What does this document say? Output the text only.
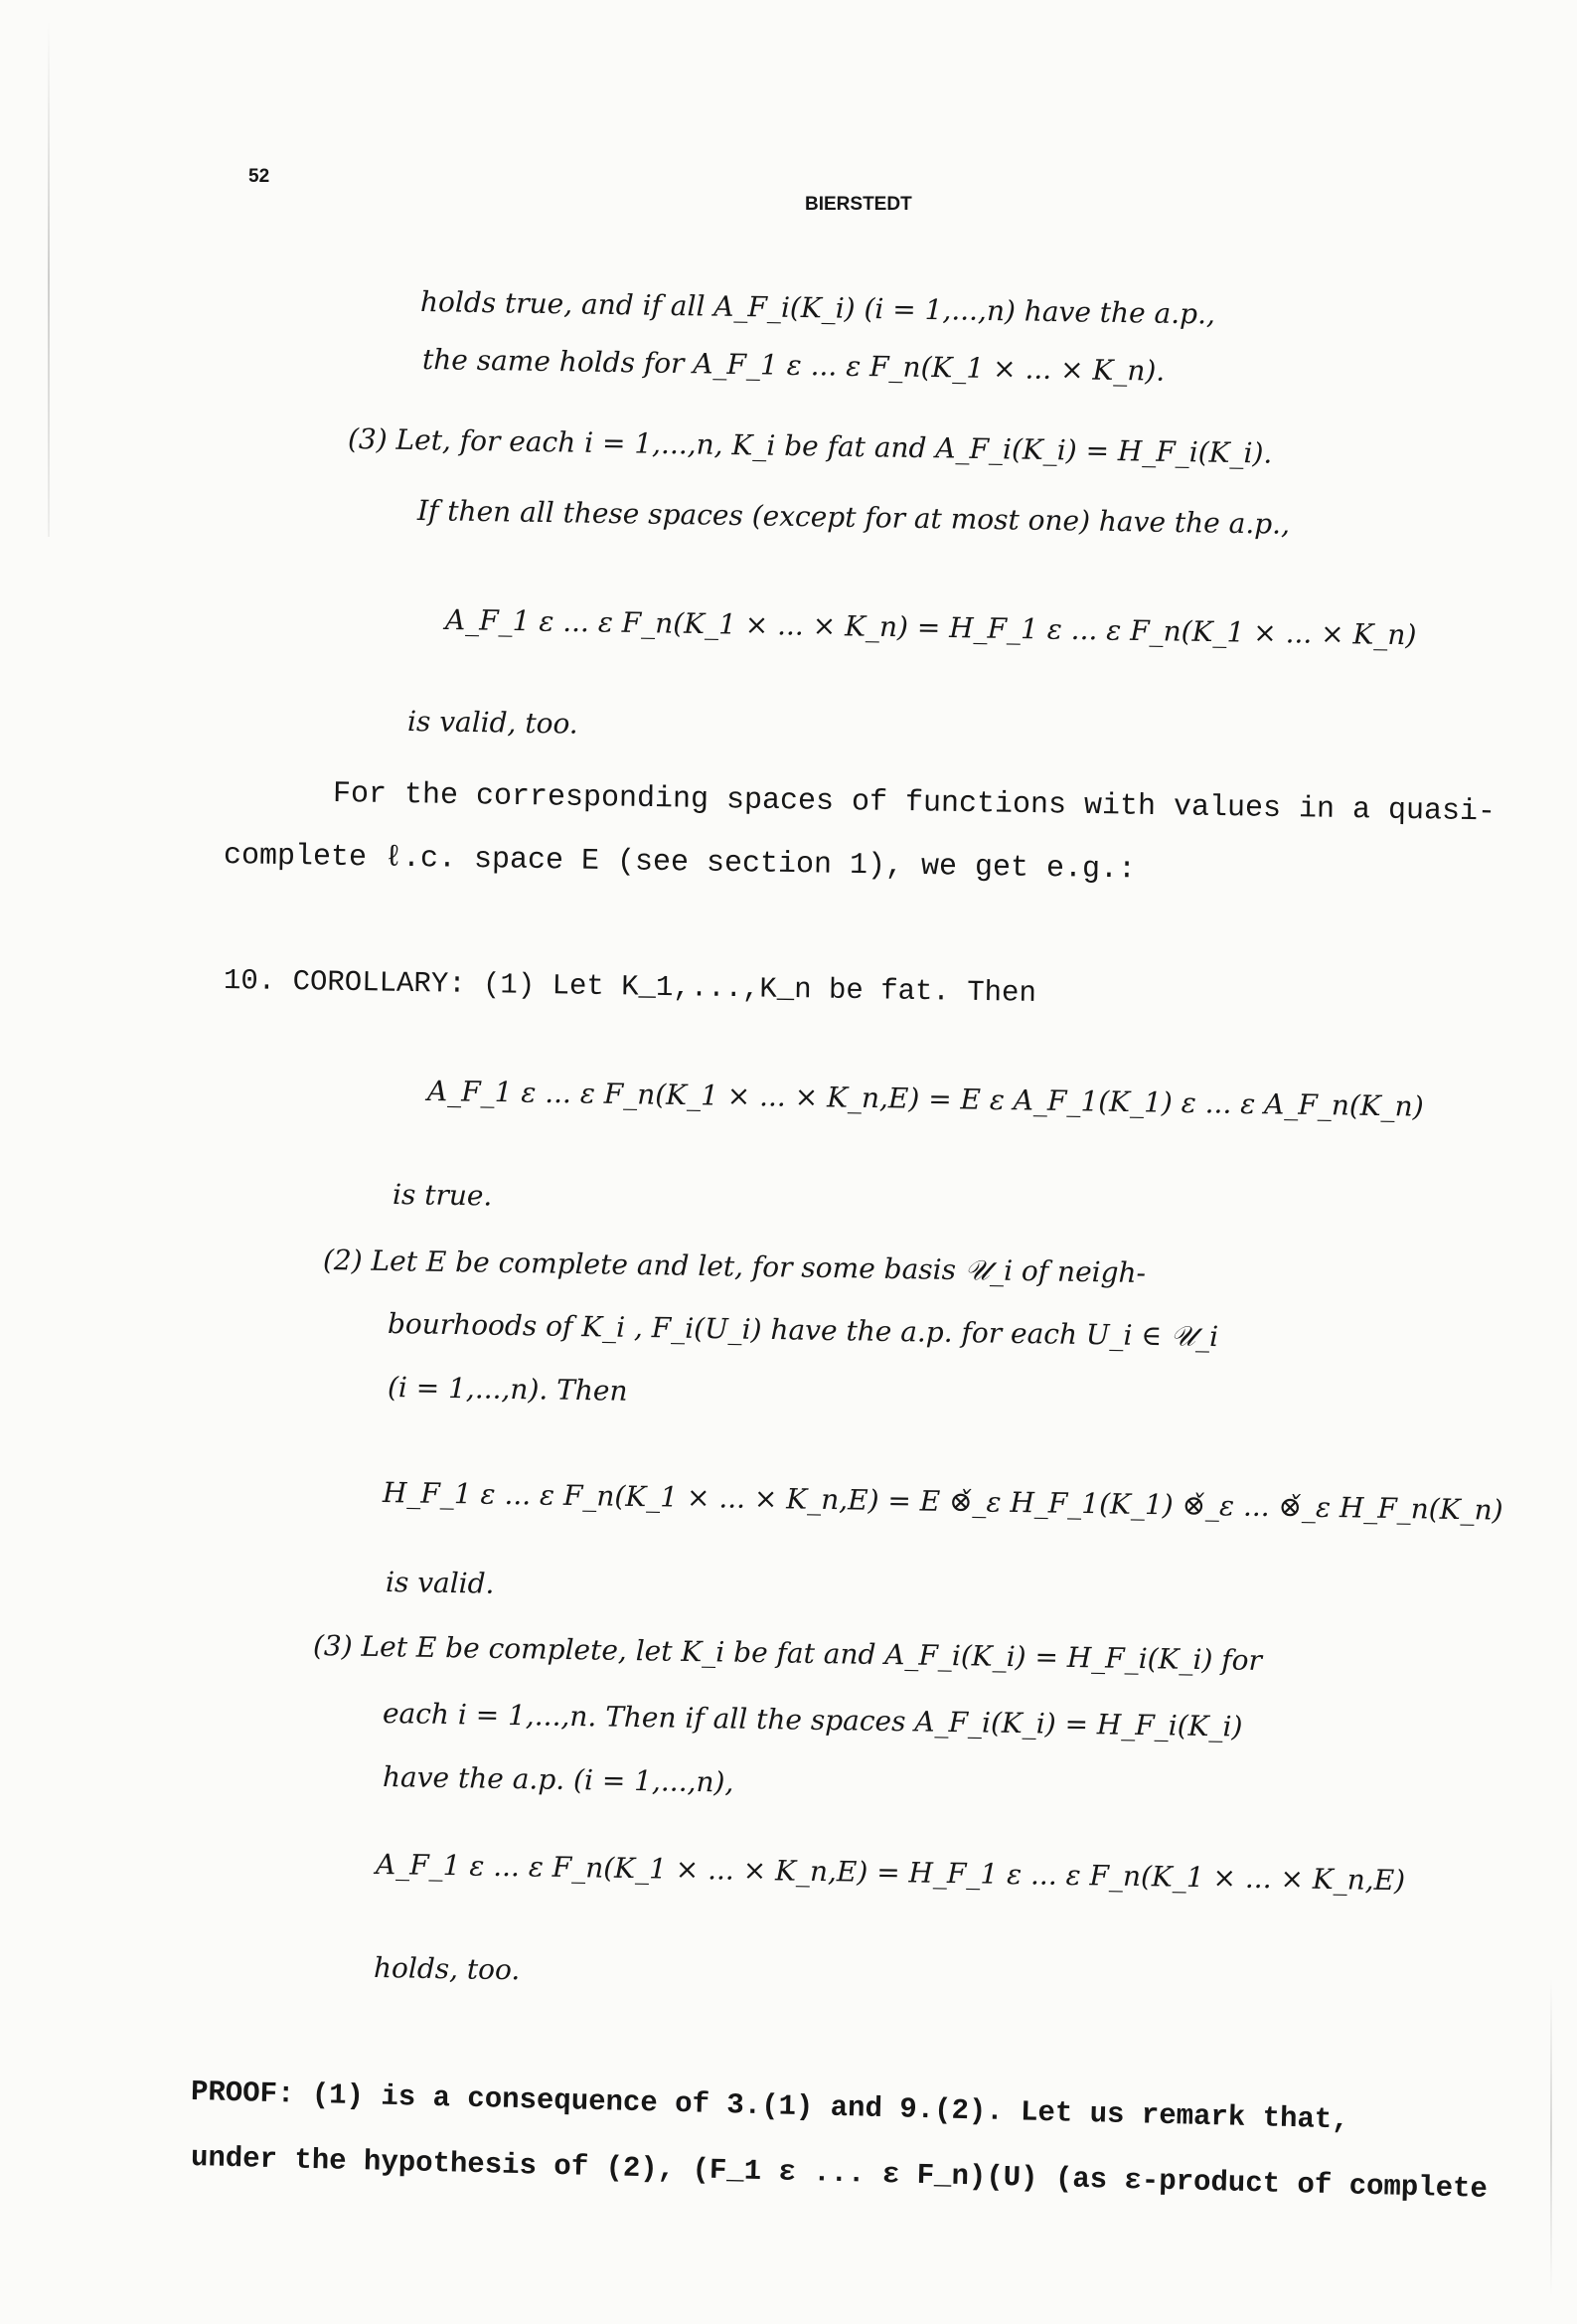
52
BIERSTEDT
holds true, and if all A_F_i(K_i) (i = 1,...,n) have the a.p.,
the same holds for A_F_1 ε ... ε F_n(K_1 × ... × K_n).
(3) Let, for each i = 1,...,n, K_i be fat and A_F_i(K_i) = H_F_i(K_i).
If then all these spaces (except for at most one) have the a.p.,
A_F_1 ε ... ε F_n(K_1 × ... × K_n) = H_F_1 ε ... ε F_n(K_1 × ... × K_n)
is valid, too.
For the corresponding spaces of functions with values in a quasi-
complete ℓ.c. space E (see section 1), we get e.g.:
10. COROLLARY: (1) Let K_1,...,K_n be fat. Then
A_F_1 ε ... ε F_n(K_1 × ... × K_n,E) = E ε A_F_1(K_1) ε ... ε A_F_n(K_n)
is true.
(2) Let E be complete and let, for some basis 𝒰_i of neigh-
bourhoods of K_i , F_i(U_i) have the a.p. for each U_i ∈ 𝒰_i
(i = 1,...,n). Then
H_F_1 ε ... ε F_n(K_1 × ... × K_n,E) = E ⊗̌_ε H_F_1(K_1) ⊗̌_ε ... ⊗̌_ε H_F_n(K_n)
is valid.
(3) Let E be complete, let K_i be fat and A_F_i(K_i) = H_F_i(K_i) for
each i = 1,...,n. Then if all the spaces A_F_i(K_i) = H_F_i(K_i)
have the a.p. (i = 1,...,n),
A_F_1 ε ... ε F_n(K_1 × ... × K_n,E) = H_F_1 ε ... ε F_n(K_1 × ... × K_n,E)
holds, too.
PROOF: (1) is a consequence of 3.(1) and 9.(2). Let us remark that,
under the hypothesis of (2), (F_1 ε ... ε F_n)(U) (as ε-product of complete
